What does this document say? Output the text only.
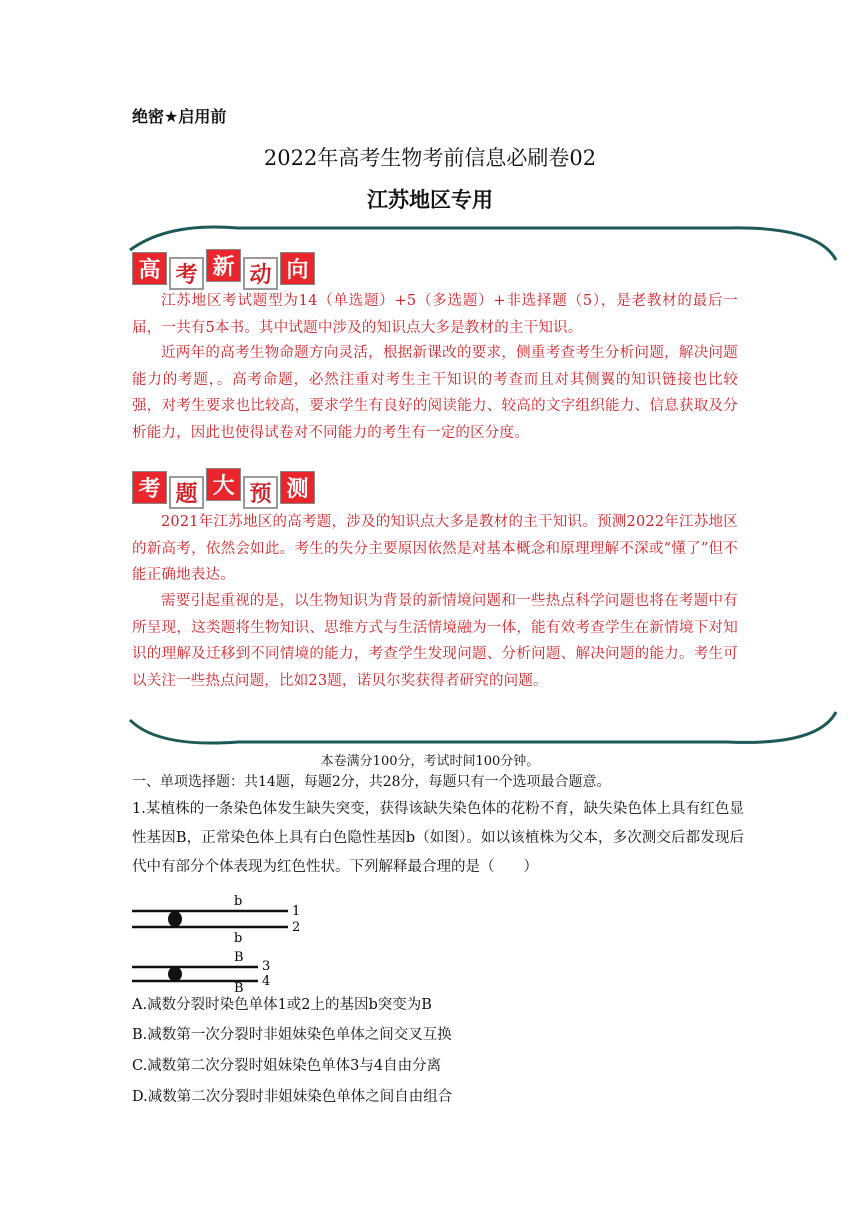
绝密★启用前
2022年高考生物考前信息必刷卷02
江苏地区专用
高 考 新 动 向
江苏地区考试题型为14（单选题）+5（多选题）+非选择题（5），是老教材的最后一届，一共有5本书。其中试题中涉及的知识点大多是教材的主干知识。
近两年的高考生物命题方向灵活，根据新课改的要求，侧重考查考生分析问题，解决问题能力的考题，。高考命题，必然注重对考生主干知识的考查而且对其侧翼的知识链接也比较强，对考生要求也比较高，要求学生有良好的阅读能力、较高的文字组织能力、信息获取及分析能力，因此也使得试卷对不同能力的考生有一定的区分度。
考 题 大 预 测
2021年江苏地区的高考题，涉及的知识点大多是教材的主干知识。预测2022年江苏地区的新高考，依然会如此。考生的失分主要原因依然是对基本概念和原理理解不深或“懂了”但不能正确地表达。
需要引起重视的是，以生物知识为背景的新情境问题和一些热点科学问题也将在考题中有所呈现，这类题将生物知识、思维方式与生活情境融为一体，能有效考查学生在新情境下对知识的理解及迁移到不同情境的能力，考查学生发现问题、分析问题、解决问题的能力。考生可以关注一些热点问题，比如23题，诺贝尔奖获得者研究的问题。
本卷满分100分，考试时间100分钟。
一、单项选择题：共14题，每题2分，共28分，每题只有一个选项最合题意。
1.某植株的一条染色体发生缺失突变，获得该缺失染色体的花粉不育，缺失染色体上具有红色显性基因B，正常染色体上具有白色隐性基因b（如图）。如以该植株为父本，多次测交后都发现后代中有部分个体表现为红色性状。下列解释最合理的是（　　）
b
b
B
B
1
2
3
4
A.减数分裂时染色单体1或2上的基因b突变为B
B.减数第一次分裂时非姐妹染色单体之间交叉互换
C.减数第二次分裂时姐妹染色单体3与4自由分离
D.减数第二次分裂时非姐妹染色单体之间自由组合
